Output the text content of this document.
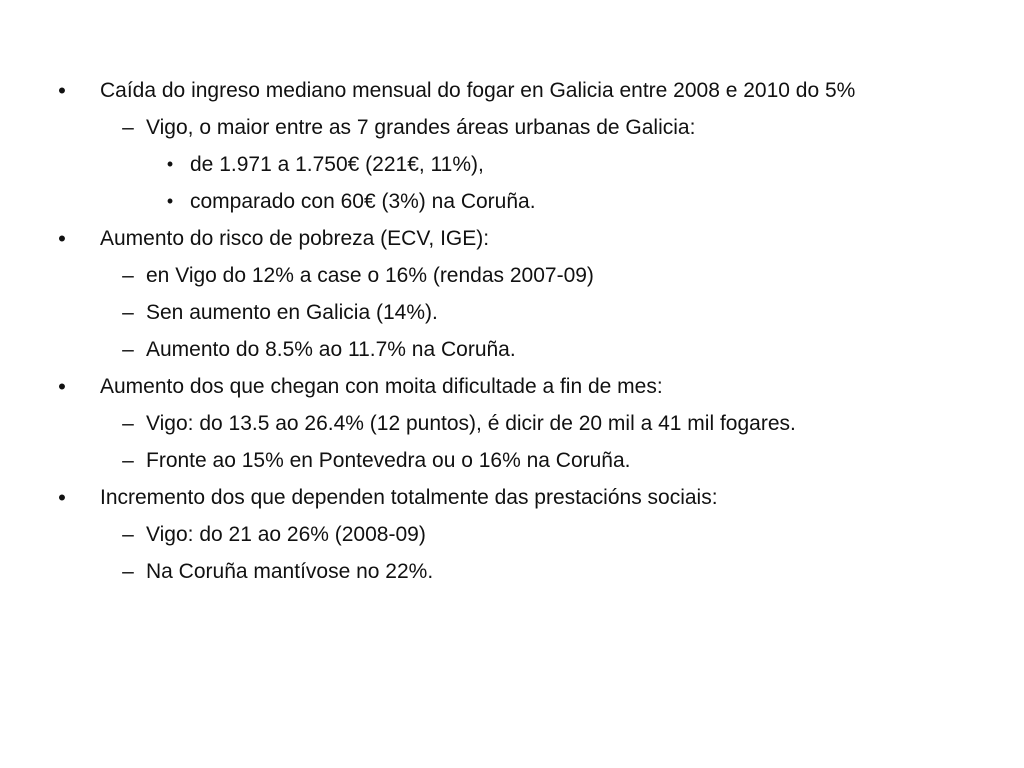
• Caída do ingreso mediano mensual do fogar en Galicia entre 2008 e 2010 do 5%
– Vigo, o maior entre as 7 grandes áreas urbanas de Galicia:
• de 1.971 a 1.750€ (221€, 11%),
• comparado con 60€ (3%) na Coruña.
• Aumento do risco de pobreza (ECV, IGE):
– en Vigo do 12% a case o 16% (rendas 2007-09)
– Sen aumento en Galicia (14%).
– Aumento do 8.5% ao 11.7% na Coruña.
• Aumento dos que chegan con moita dificultade a fin de mes:
– Vigo: do 13.5 ao 26.4% (12 puntos), é dicir de 20 mil a 41 mil fogares.
– Fronte ao 15% en Pontevedra ou o 16% na Coruña.
• Incremento dos que dependen totalmente das prestacións sociais:
– Vigo: do 21 ao 26% (2008-09)
– Na Coruña mantívose no 22%.
